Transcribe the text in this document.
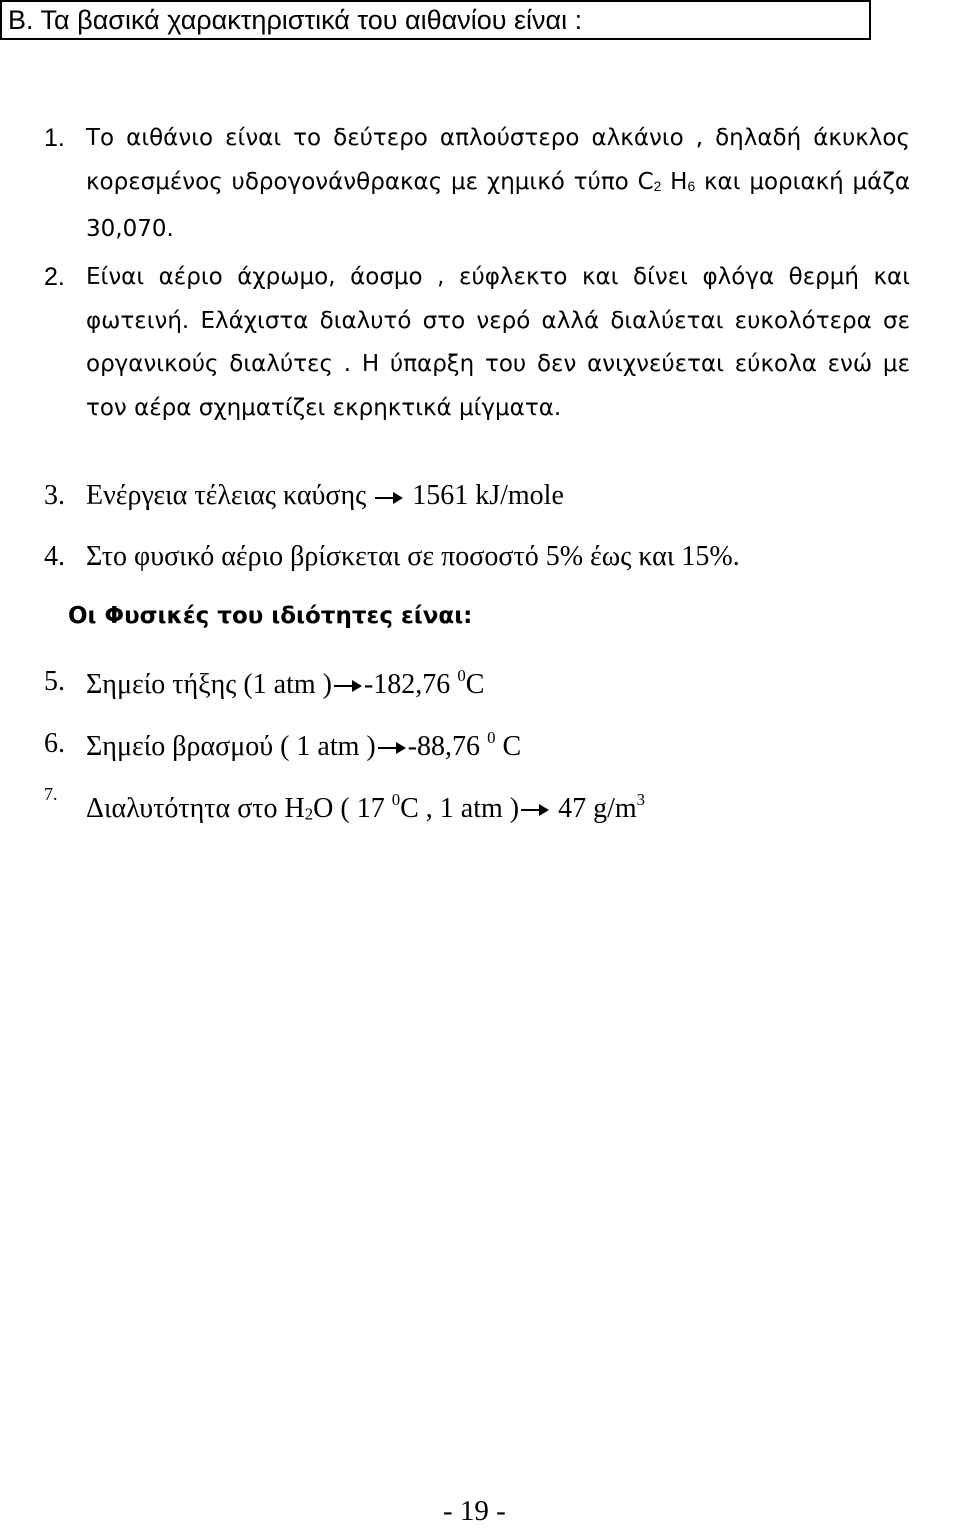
Β. Τα βασικά χαρακτηριστικά του αιθανίου είναι :
1. Το αιθάνιο είναι το δεύτερο απλούστερο αλκάνιο , δηλαδή άκυκλος κορεσμένος υδρογονάνθρακας με χημικό τύπο $C_2$ $H_6$ και μοριακή μάζα 30,070.
2. Είναι αέριο άχρωμο, άοσμο , εύφλεκτο και δίνει φλόγα θερμή και φωτεινή. Ελάχιστα διαλυτό στο νερό αλλά διαλύεται ευκολότερα σε οργανικούς διαλύτες . Η ύπαρξη του δεν ανιχνεύεται εύκολα ενώ με τον αέρα σχηματίζει εκρηκτικά μίγματα.
3. Ενέργεια τέλειας καύσης 1561 kJ/mole
4. Στο φυσικό αέριο βρίσκεται σε ποσοστό 5% έως και 15%.
Οι Φυσικές του ιδιότητες είναι:
5. Σημείο τήξης (1 atm ) -182,76 $^0$C
6. Σημείο βρασμού ( 1 atm ) -88,76 $^0$ C
7. Διαλυτότητα στο $H_2O$ ( 17 $^0$C , 1 atm ) 47 $g/m^3$
- 19 -
